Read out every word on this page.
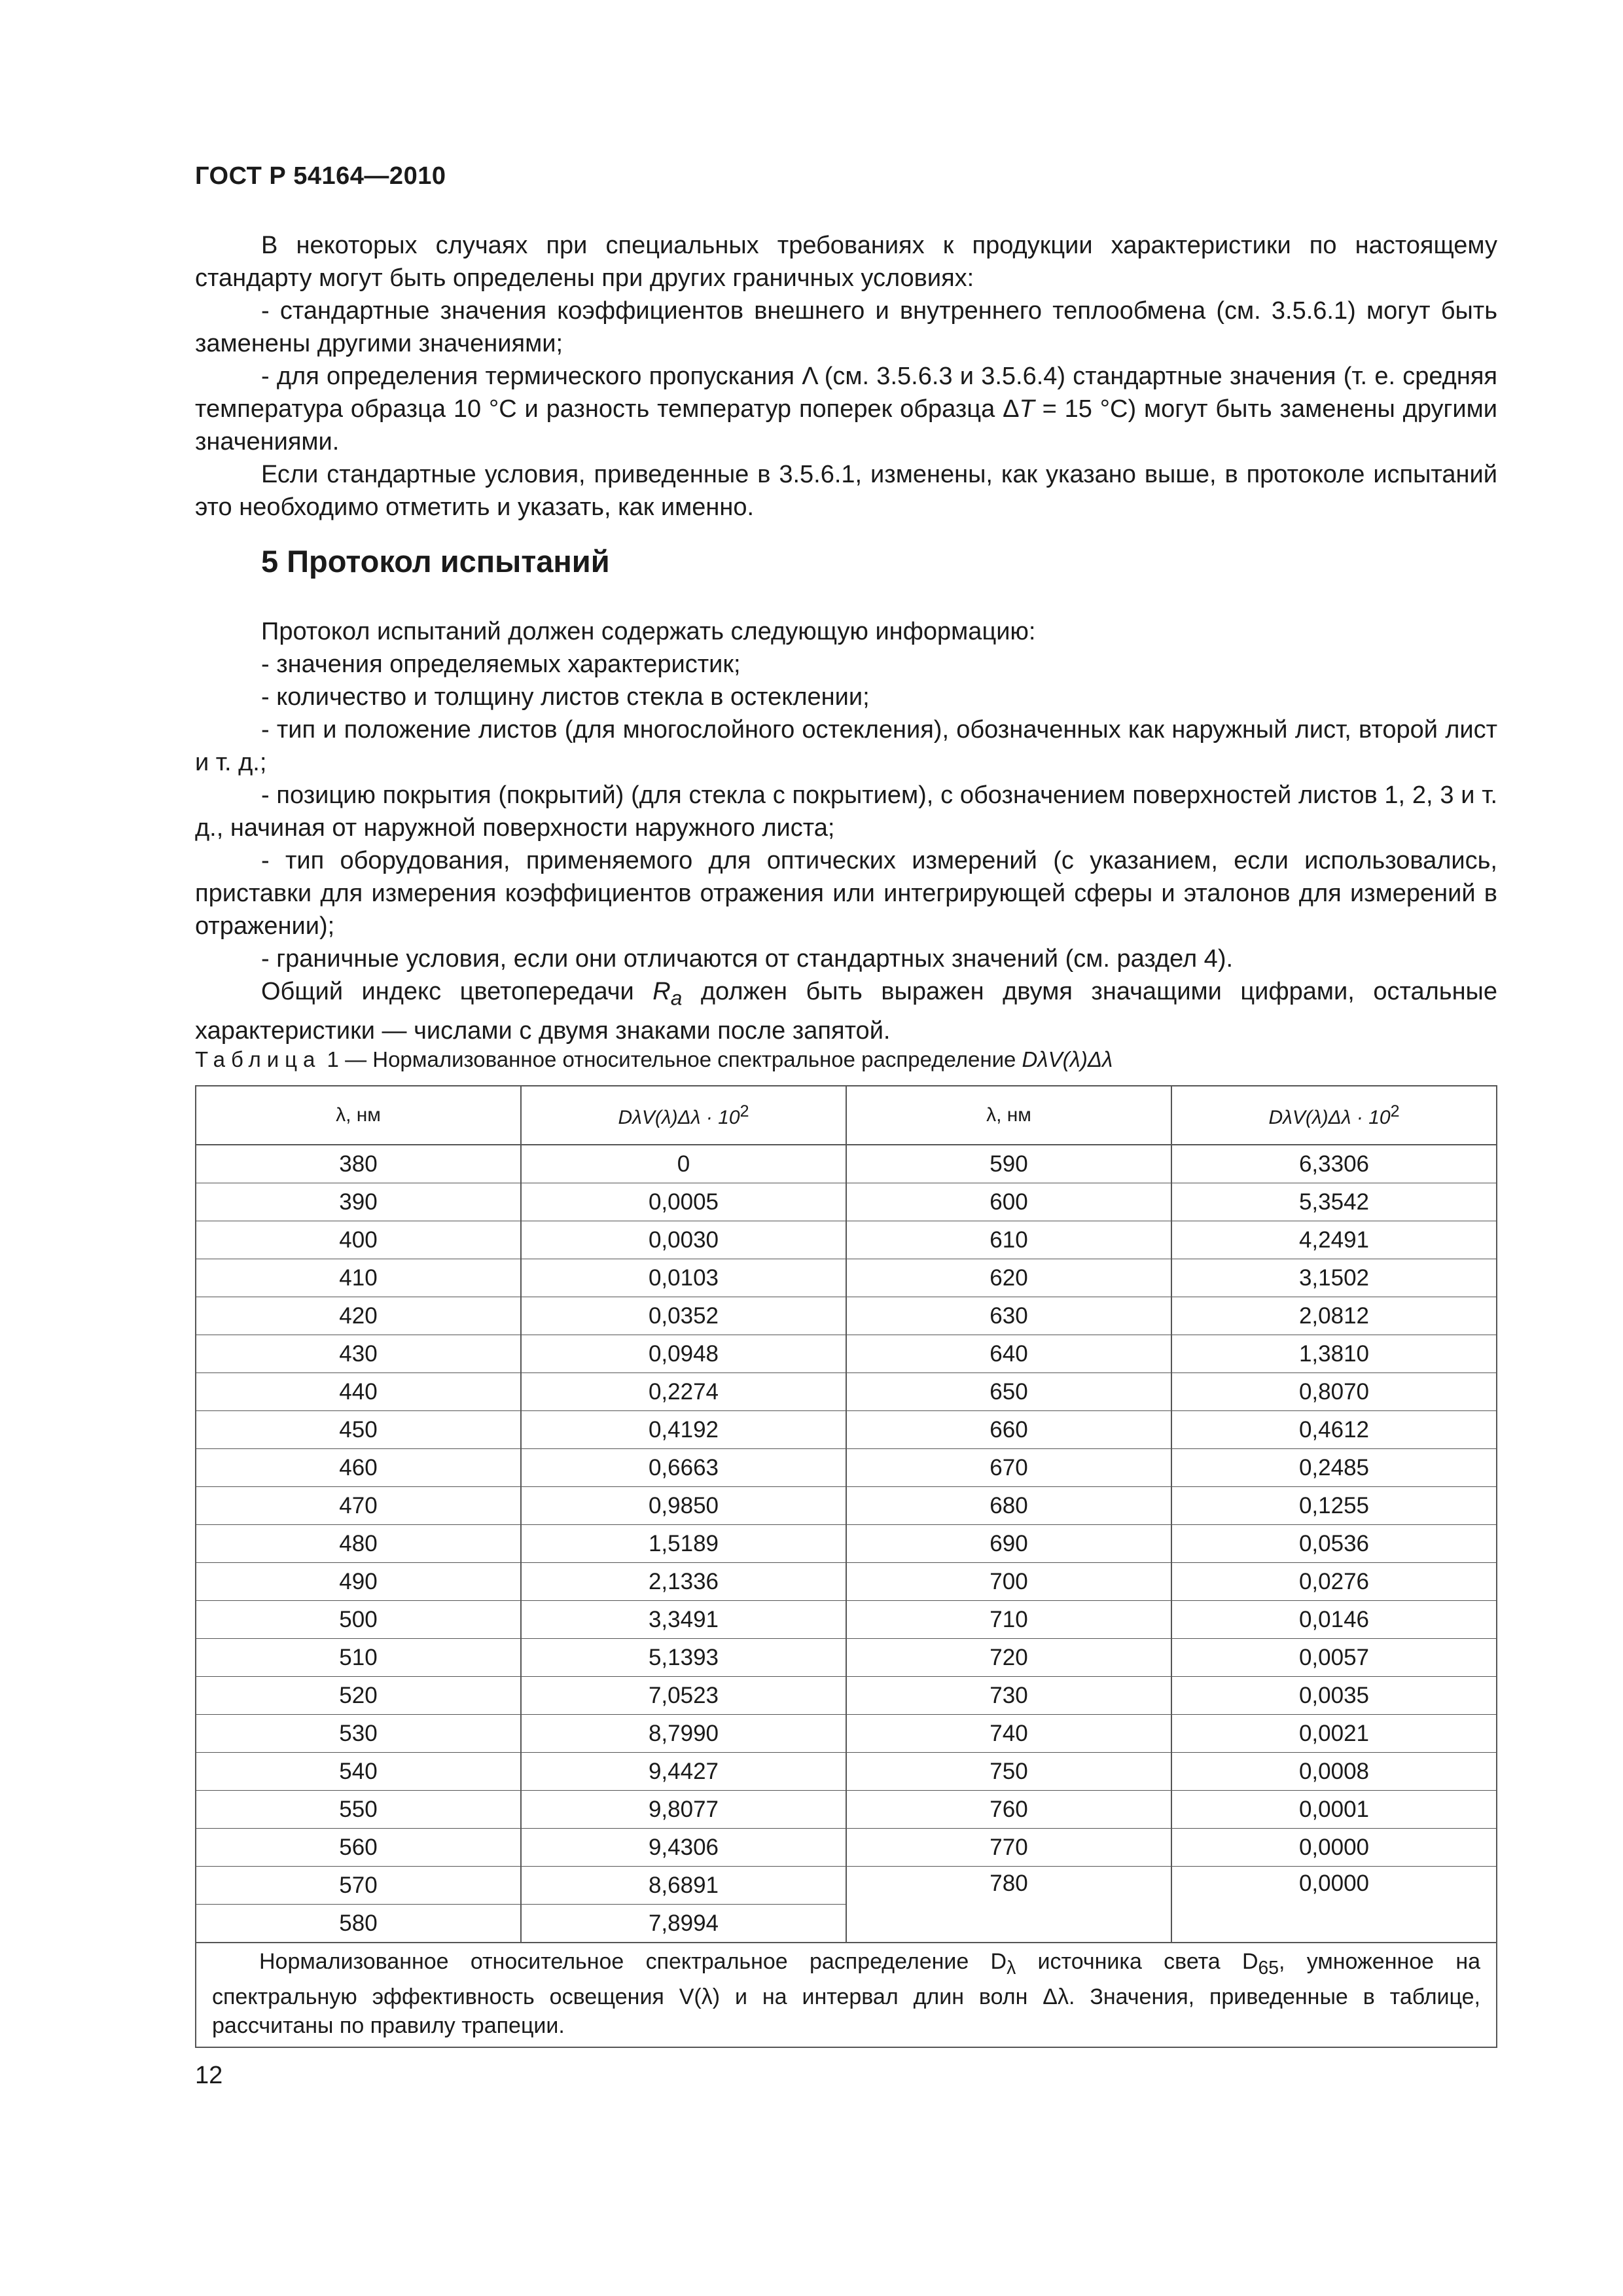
ГОСТ Р 54164—2010

В некоторых случаях при специальных требованиях к продукции характеристики по настоящему стандарту могут быть определены при других граничных условиях:

- стандартные значения коэффициентов внешнего и внутреннего теплообмена (см. 3.5.6.1) могут быть заменены другими значениями;

- для определения термического пропускания Λ (см. 3.5.6.3 и 3.5.6.4) стандартные значения (т. е. средняя температура образца 10 °С и разность температур поперек образца ΔT = 15 °С) могут быть заменены другими значениями.

Если стандартные условия, приведенные в 3.5.6.1, изменены, как указано выше, в протоколе испытаний это необходимо отметить и указать, как именно.

5 Протокол испытаний

Протокол испытаний должен содержать следующую информацию:

- значения определяемых характеристик;

- количество и толщину листов стекла в остеклении;

- тип и положение листов (для многослойного остекления), обозначенных как наружный лист, второй лист и т. д.;

- позицию покрытия (покрытий) (для стекла с покрытием), с обозначением поверхностей листов 1, 2, 3 и т. д., начиная от наружной поверхности наружного листа;

- тип оборудования, применяемого для оптических измерений (с указанием, если использовались, приставки для измерения коэффициентов отражения или интегрирующей сферы и эталонов для измерений в отражении);

- граничные условия, если они отличаются от стандартных значений (см. раздел 4).

Общий индекс цветопередачи $R_a$ должен быть выражен двумя значащими цифрами, остальные характеристики — числами с двумя знаками после запятой.

Таблица 1 — Нормализованное относительное спектральное распределение DλV(λ)Δλ
λ, нм	$D\lambda V(\lambda)\Delta\lambda \cdot 10^2$	λ, нм	$D\lambda V(\lambda)\Delta\lambda \cdot 10^2$
380	0	590	6,3306
390	0,0005	600	5,3542
400	0,0030	610	4,2491
410	0,0103	620	3,1502
420	0,0352	630	2,0812
430	0,0948	640	1,3810
440	0,2274	650	0,8070
450	0,4192	660	0,4612
460	0,6663	670	0,2485
470	0,9850	680	0,1255
480	1,5189	690	0,0536
490	2,1336	700	0,0276
500	3,3491	710	0,0146
510	5,1393	720	0,0057
520	7,0523	730	0,0035
530	8,7990	740	0,0021
540	9,4427	750	0,0008
550	9,8077	760	0,0001
560	9,4306	770	0,0000
570	8,6891	780	0,0000
580	7,8994		
Нормализованное относительное спектральное распределение $D_\lambda$ источника света $D_{65}$, умноженное на спектральную эффективность освещения V(λ) и на интервал длин волн Δλ. Значения, приведенные в таблице, рассчитаны по правилу трапеции.			
12
